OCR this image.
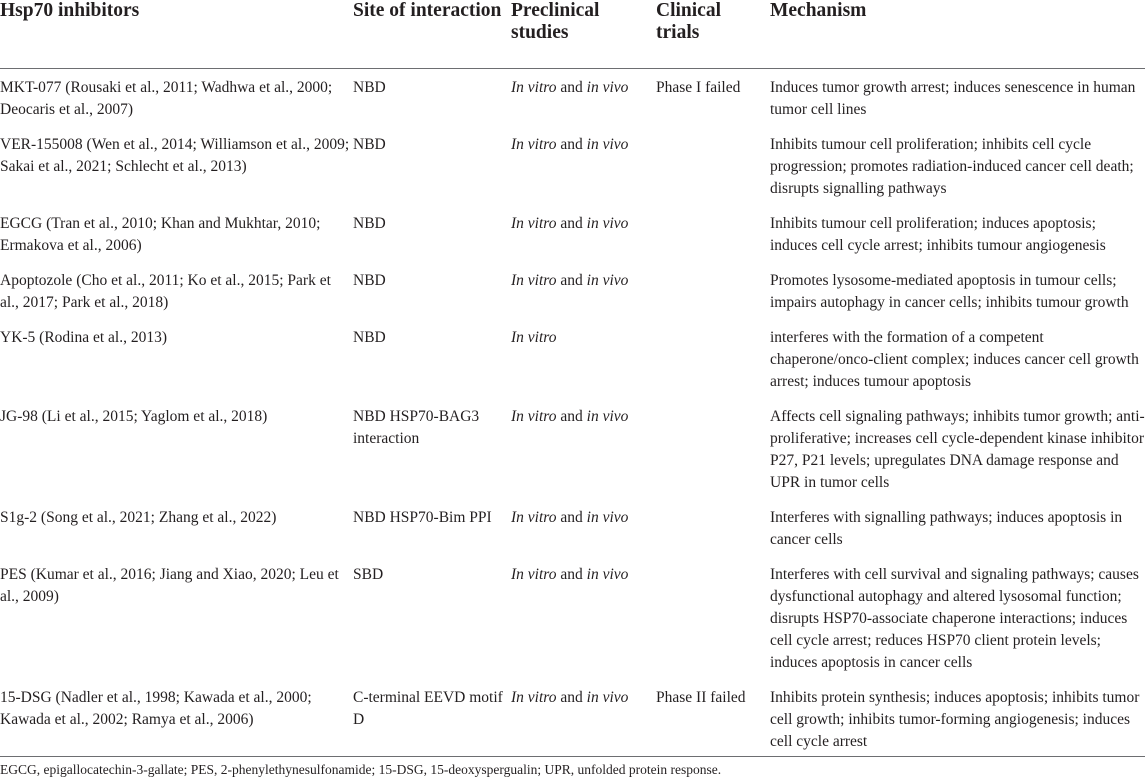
Hsp70 inhibitors	Site of interaction	Preclinical studies	Clinical trials	Mechanism
MKT-077 (Rousaki et al., 2011; Wadhwa et al., 2000; Deocaris et al., 2007)	NBD	In vitro and in vivo	Phase I failed	Induces tumor growth arrest; induces senescence in human tumor cell lines
VER-155008 (Wen et al., 2014; Williamson et al., 2009; Sakai et al., 2021; Schlecht et al., 2013)	NBD	In vitro and in vivo		Inhibits tumour cell proliferation; inhibits cell cycle progression; promotes radiation-induced cancer cell death; disrupts signalling pathways
EGCG (Tran et al., 2010; Khan and Mukhtar, 2010; Ermakova et al., 2006)	NBD	In vitro and in vivo		Inhibits tumour cell proliferation; induces apoptosis; induces cell cycle arrest; inhibits tumour angiogenesis
Apoptozole (Cho et al., 2011; Ko et al., 2015; Park et al., 2017; Park et al., 2018)	NBD	In vitro and in vivo		Promotes lysosome-mediated apoptosis in tumour cells; impairs autophagy in cancer cells; inhibits tumour growth
YK-5 (Rodina et al., 2013)	NBD	In vitro		interferes with the formation of a competent chaperone/onco-client complex; induces cancer cell growth arrest; induces tumour apoptosis
JG-98 (Li et al., 2015; Yaglom et al., 2018)	NBD HSP70-BAG3 interaction	In vitro and in vivo		Affects cell signaling pathways; inhibits tumor growth; anti-proliferative; increases cell cycle-dependent kinase inhibitor P27, P21 levels; upregulates DNA damage response and UPR in tumor cells
S1g-2 (Song et al., 2021; Zhang et al., 2022)	NBD HSP70-Bim PPI	In vitro and in vivo		Interferes with signalling pathways; induces apoptosis in cancer cells
PES (Kumar et al., 2016; Jiang and Xiao, 2020; Leu et al., 2009)	SBD	In vitro and in vivo		Interferes with cell survival and signaling pathways; causes dysfunctional autophagy and altered lysosomal function; disrupts HSP70-associate chaperone interactions; induces cell cycle arrest; reduces HSP70 client protein levels; induces apoptosis in cancer cells
15-DSG (Nadler et al., 1998; Kawada et al., 2000; Kawada et al., 2002; Ramya et al., 2006)	C-terminal EEVD motif D	In vitro and in vivo	Phase II failed	Inhibits protein synthesis; induces apoptosis; inhibits tumor cell growth; inhibits tumor-forming angiogenesis; induces cell cycle arrest
EGCG, epigallocatechin-3-gallate; PES, 2-phenylethynesulfonamide; 15-DSG, 15-deoxyspergualin; UPR, unfolded protein response.
